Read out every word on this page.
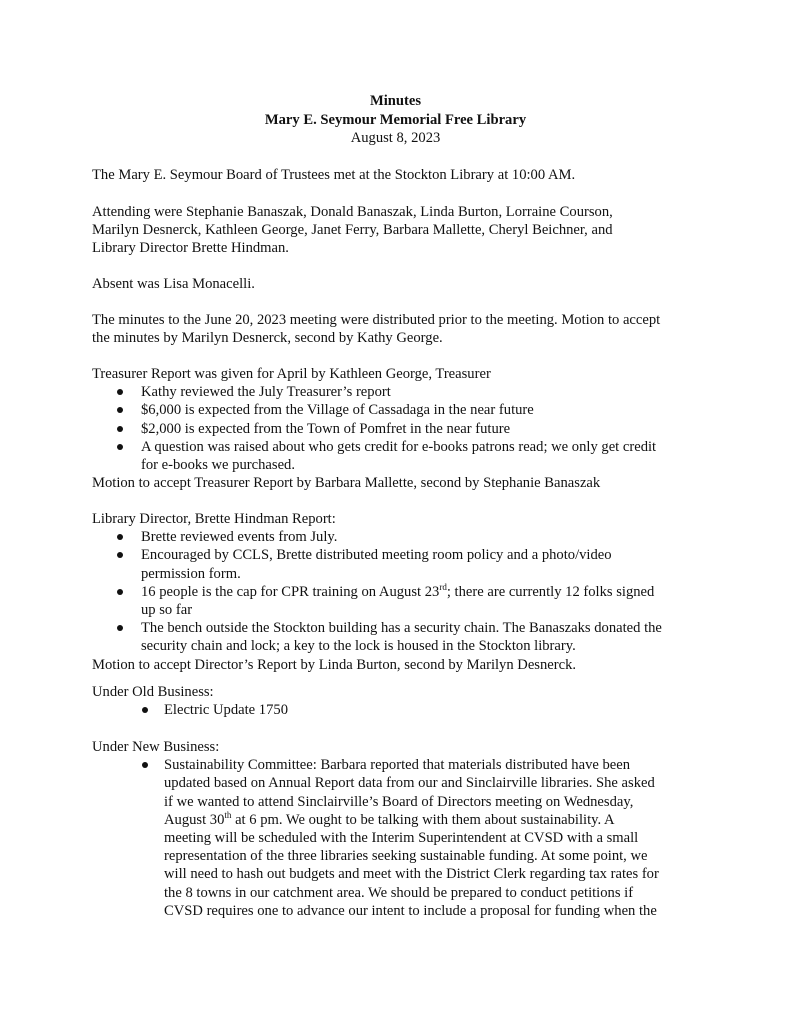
Minutes
Mary E. Seymour Memorial Free Library
August 8, 2023

The Mary E. Seymour Board of Trustees met at the Stockton Library at 10:00 AM.

Attending were Stephanie Banaszak, Donald Banaszak, Linda Burton, Lorraine Courson,

Marilyn Desnerck, Kathleen George, Janet Ferry, Barbara Mallette, Cheryl Beichner, and

Library Director Brette Hindman.

Absent was Lisa Monacelli.

The minutes to the June 20, 2023 meeting were distributed prior to the meeting. Motion to accept

the minutes by Marilyn Desnerck, second by Kathy George.

Treasurer Report was given for April by Kathleen George, Treasurer

Kathy reviewed the July Treasurer’s report
$6,000 is expected from the Village of Cassadaga in the near future
$2,000 is expected from the Town of Pomfret in the near future
A question was raised about who gets credit for e-books patrons read; we only get credit
for e-books we purchased.

Motion to accept Treasurer Report by Barbara Mallette, second by Stephanie Banaszak

Library Director, Brette Hindman Report:

Brette reviewed events from July.
Encouraged by CCLS, Brette distributed meeting room policy and a photo/video
permission form.
16 people is the cap for CPR training on August 23rd; there are currently 12 folks signed
up so far
The bench outside the Stockton building has a security chain. The Banaszaks donated the
security chain and lock; a key to the lock is housed in the Stockton library.

Motion to accept Director’s Report by Linda Burton, second by Marilyn Desnerck.

Under Old Business:

Electric Update 1750

Under New Business:

Sustainability Committee: Barbara reported that materials distributed have been
updated based on Annual Report data from our and Sinclairville libraries. She asked
if we wanted to attend Sinclairville’s Board of Directors meeting on Wednesday,
August 30th at 6 pm. We ought to be talking with them about sustainability. A
meeting will be scheduled with the Interim Superintendent at CVSD with a small
representation of the three libraries seeking sustainable funding. At some point, we
will need to hash out budgets and meet with the District Clerk regarding tax rates for
the 8 towns in our catchment area. We should be prepared to conduct petitions if
CVSD requires one to advance our intent to include a proposal for funding when the
